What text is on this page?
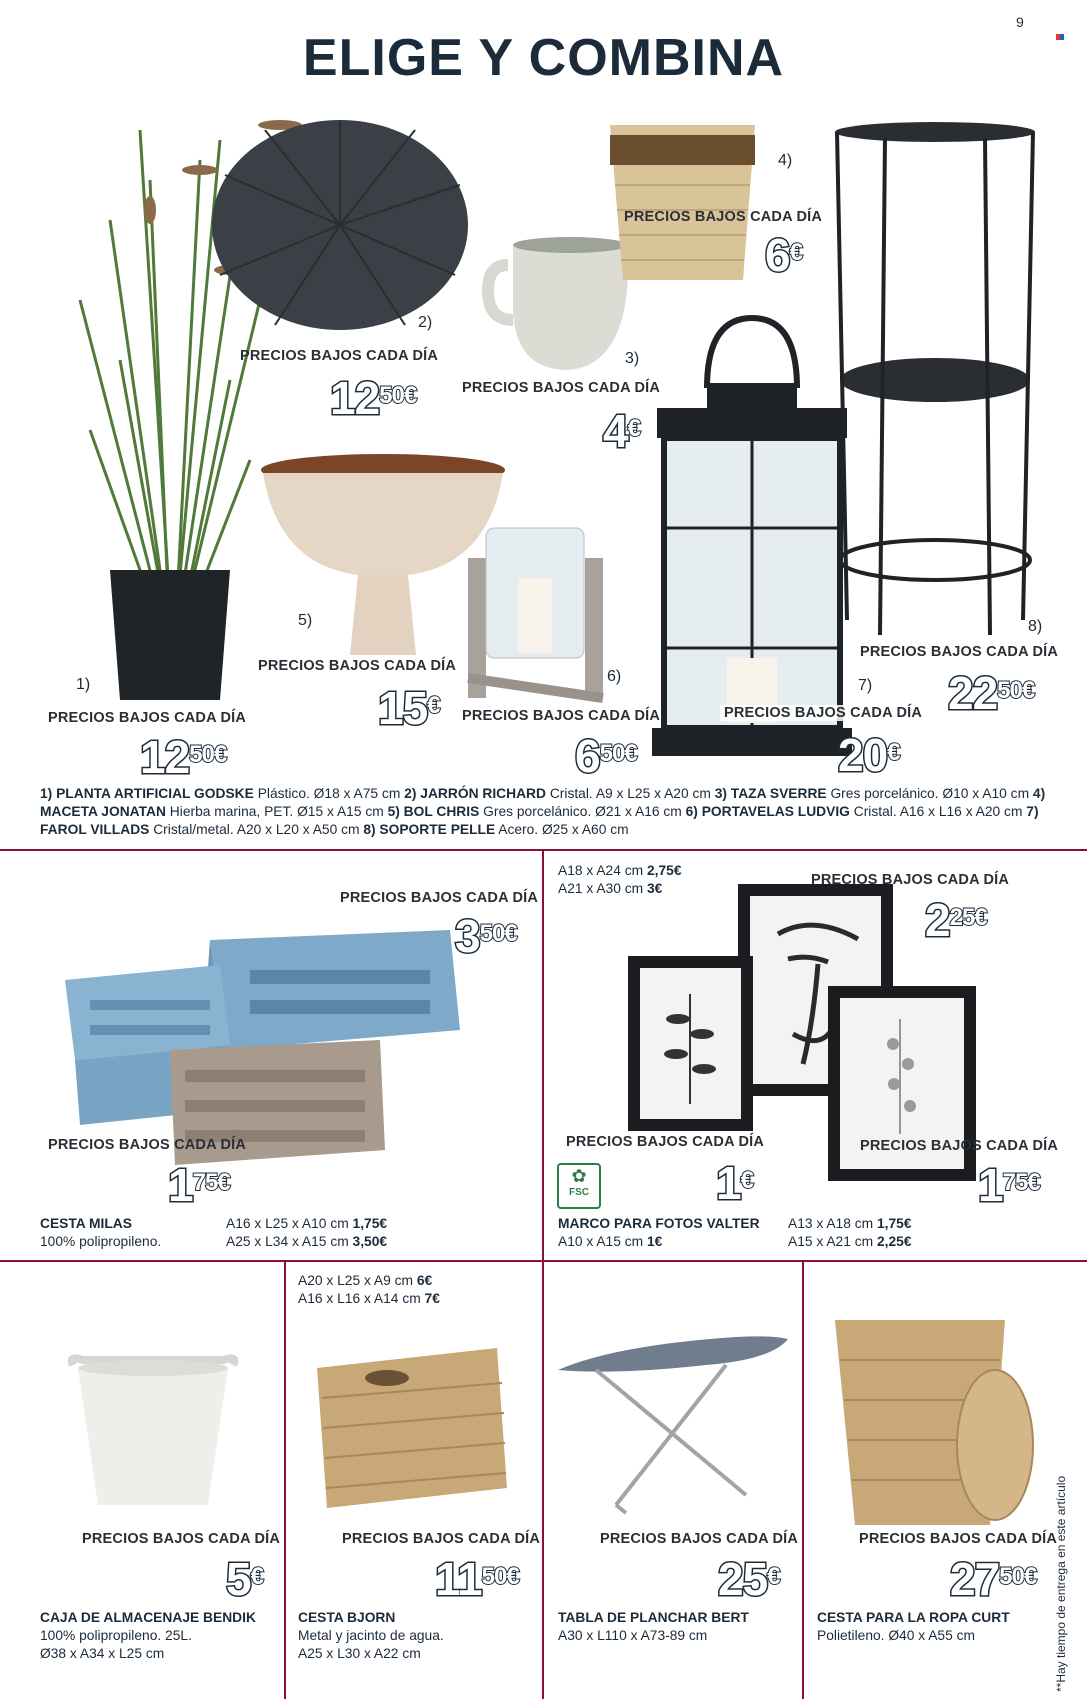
9
ELIGE Y COMBINA
2)
PRECIOS BAJOS CADA DÍA
$12^{50€}$
3)
PRECIOS BAJOS CADA DÍA
4€
4)
PRECIOS BAJOS CADA DÍA
6€
5)
PRECIOS BAJOS CADA DÍA
15€
6)
PRECIOS BAJOS CADA DÍA
$6^{50€}$
7)
PRECIOS BAJOS CADA DÍA
20€
8)
PRECIOS BAJOS CADA DÍA
$22^{50€}$
1)
PRECIOS BAJOS CADA DÍA
$12^{50€}$
1) PLANTA ARTIFICIAL GODSKE Plástico. Ø18 x A75 cm 2) JARRÓN RICHARD Cristal. A9 x L25 x A20 cm 3) TAZA SVERRE Gres porcelánico. Ø10 x A10 cm 4) MACETA JONATAN Hierba marina, PET. Ø15 x A15 cm 5) BOL CHRIS Gres porcelánico. Ø21 x A16 cm 6) PORTAVELAS LUDVIG Cristal. A16 x L16 x A20 cm 7) FAROL VILLADS Cristal/metal. A20 x L20 x A50 cm 8) SOPORTE PELLE Acero. Ø25 x A60 cm
PRECIOS BAJOS CADA DÍA
$3^{50€}$
PRECIOS BAJOS CADA DÍA
$1^{75€}$
CESTA MILAS
100% polipropileno.
A16 x L25 x A10 cm 1,75€
A25 x L34 x A15 cm 3,50€
A18 x A24 cm 2,75€
A21 x A30 cm 3€
PRECIOS BAJOS CADA DÍA
$2^{25€}$
PRECIOS BAJOS CADA DÍA
1€
PRECIOS BAJOS CADA DÍA
$1^{75€}$
✿
FSC
MARCO PARA FOTOS VALTER
A10 x A15 cm 1€
A13 x A18 cm 1,75€
A15 x A21 cm 2,25€
PRECIOS BAJOS CADA DÍA
5€
CAJA DE ALMACENAJE BENDIK
100% polipropileno. 25L.
Ø38 x A34 x L25 cm
A20 x L25 x A9 cm 6€
A16 x L16 x A14 cm 7€
PRECIOS BAJOS CADA DÍA
$11^{50€}$
CESTA BJORN
Metal y jacinto de agua.
A25 x L30 x A22 cm
PRECIOS BAJOS CADA DÍA
25€
TABLA DE PLANCHAR BERT
A30 x L110 x A73-89 cm
PRECIOS BAJOS CADA DÍA
$27^{50€}$
CESTA PARA LA ROPA CURT
Polietileno. Ø40 x A55 cm	**Hay tiempo de entrega en este artículo
